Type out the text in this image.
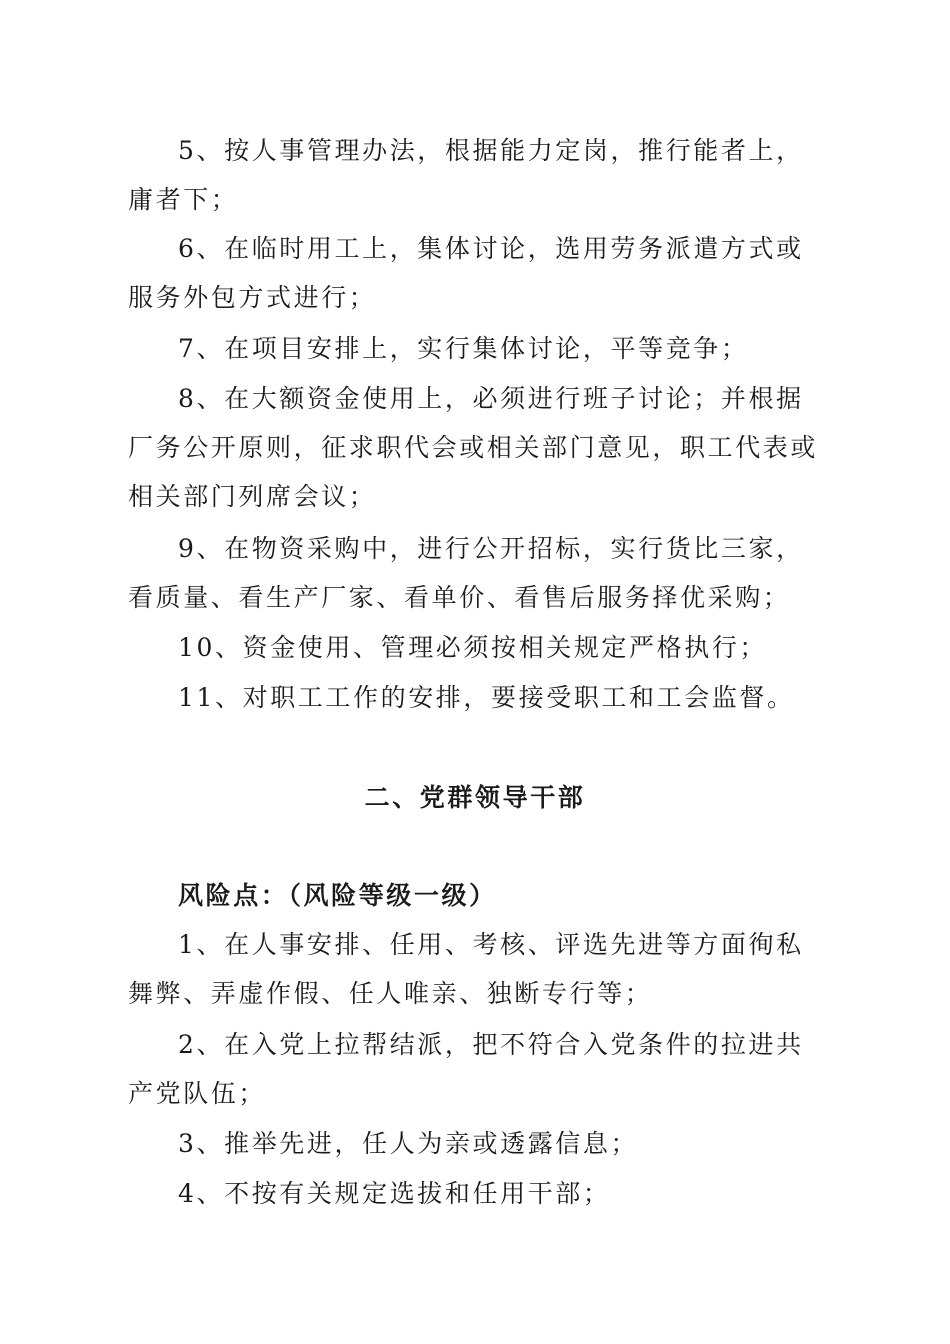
5、按人事管理办法，根据能力定岗，推行能者上，庸者下；

6、在临时用工上，集体讨论，选用劳务派遣方式或服务外包方式进行；

7、在项目安排上，实行集体讨论，平等竞争；

8、在大额资金使用上，必须进行班子讨论；并根据厂务公开原则，征求职代会或相关部门意见，职工代表或相关部门列席会议；

9、在物资采购中，进行公开招标，实行货比三家，看质量、看生产厂家、看单价、看售后服务择优采购；

10、资金使用、管理必须按相关规定严格执行；

11、对职工工作的安排，要接受职工和工会监督。

二、党群领导干部

风险点：（风险等级一级）

1、在人事安排、任用、考核、评选先进等方面徇私舞弊、弄虚作假、任人唯亲、独断专行等；

2、在入党上拉帮结派，把不符合入党条件的拉进共产党队伍；

3、推举先进，任人为亲或透露信息；

4、不按有关规定选拔和任用干部；
